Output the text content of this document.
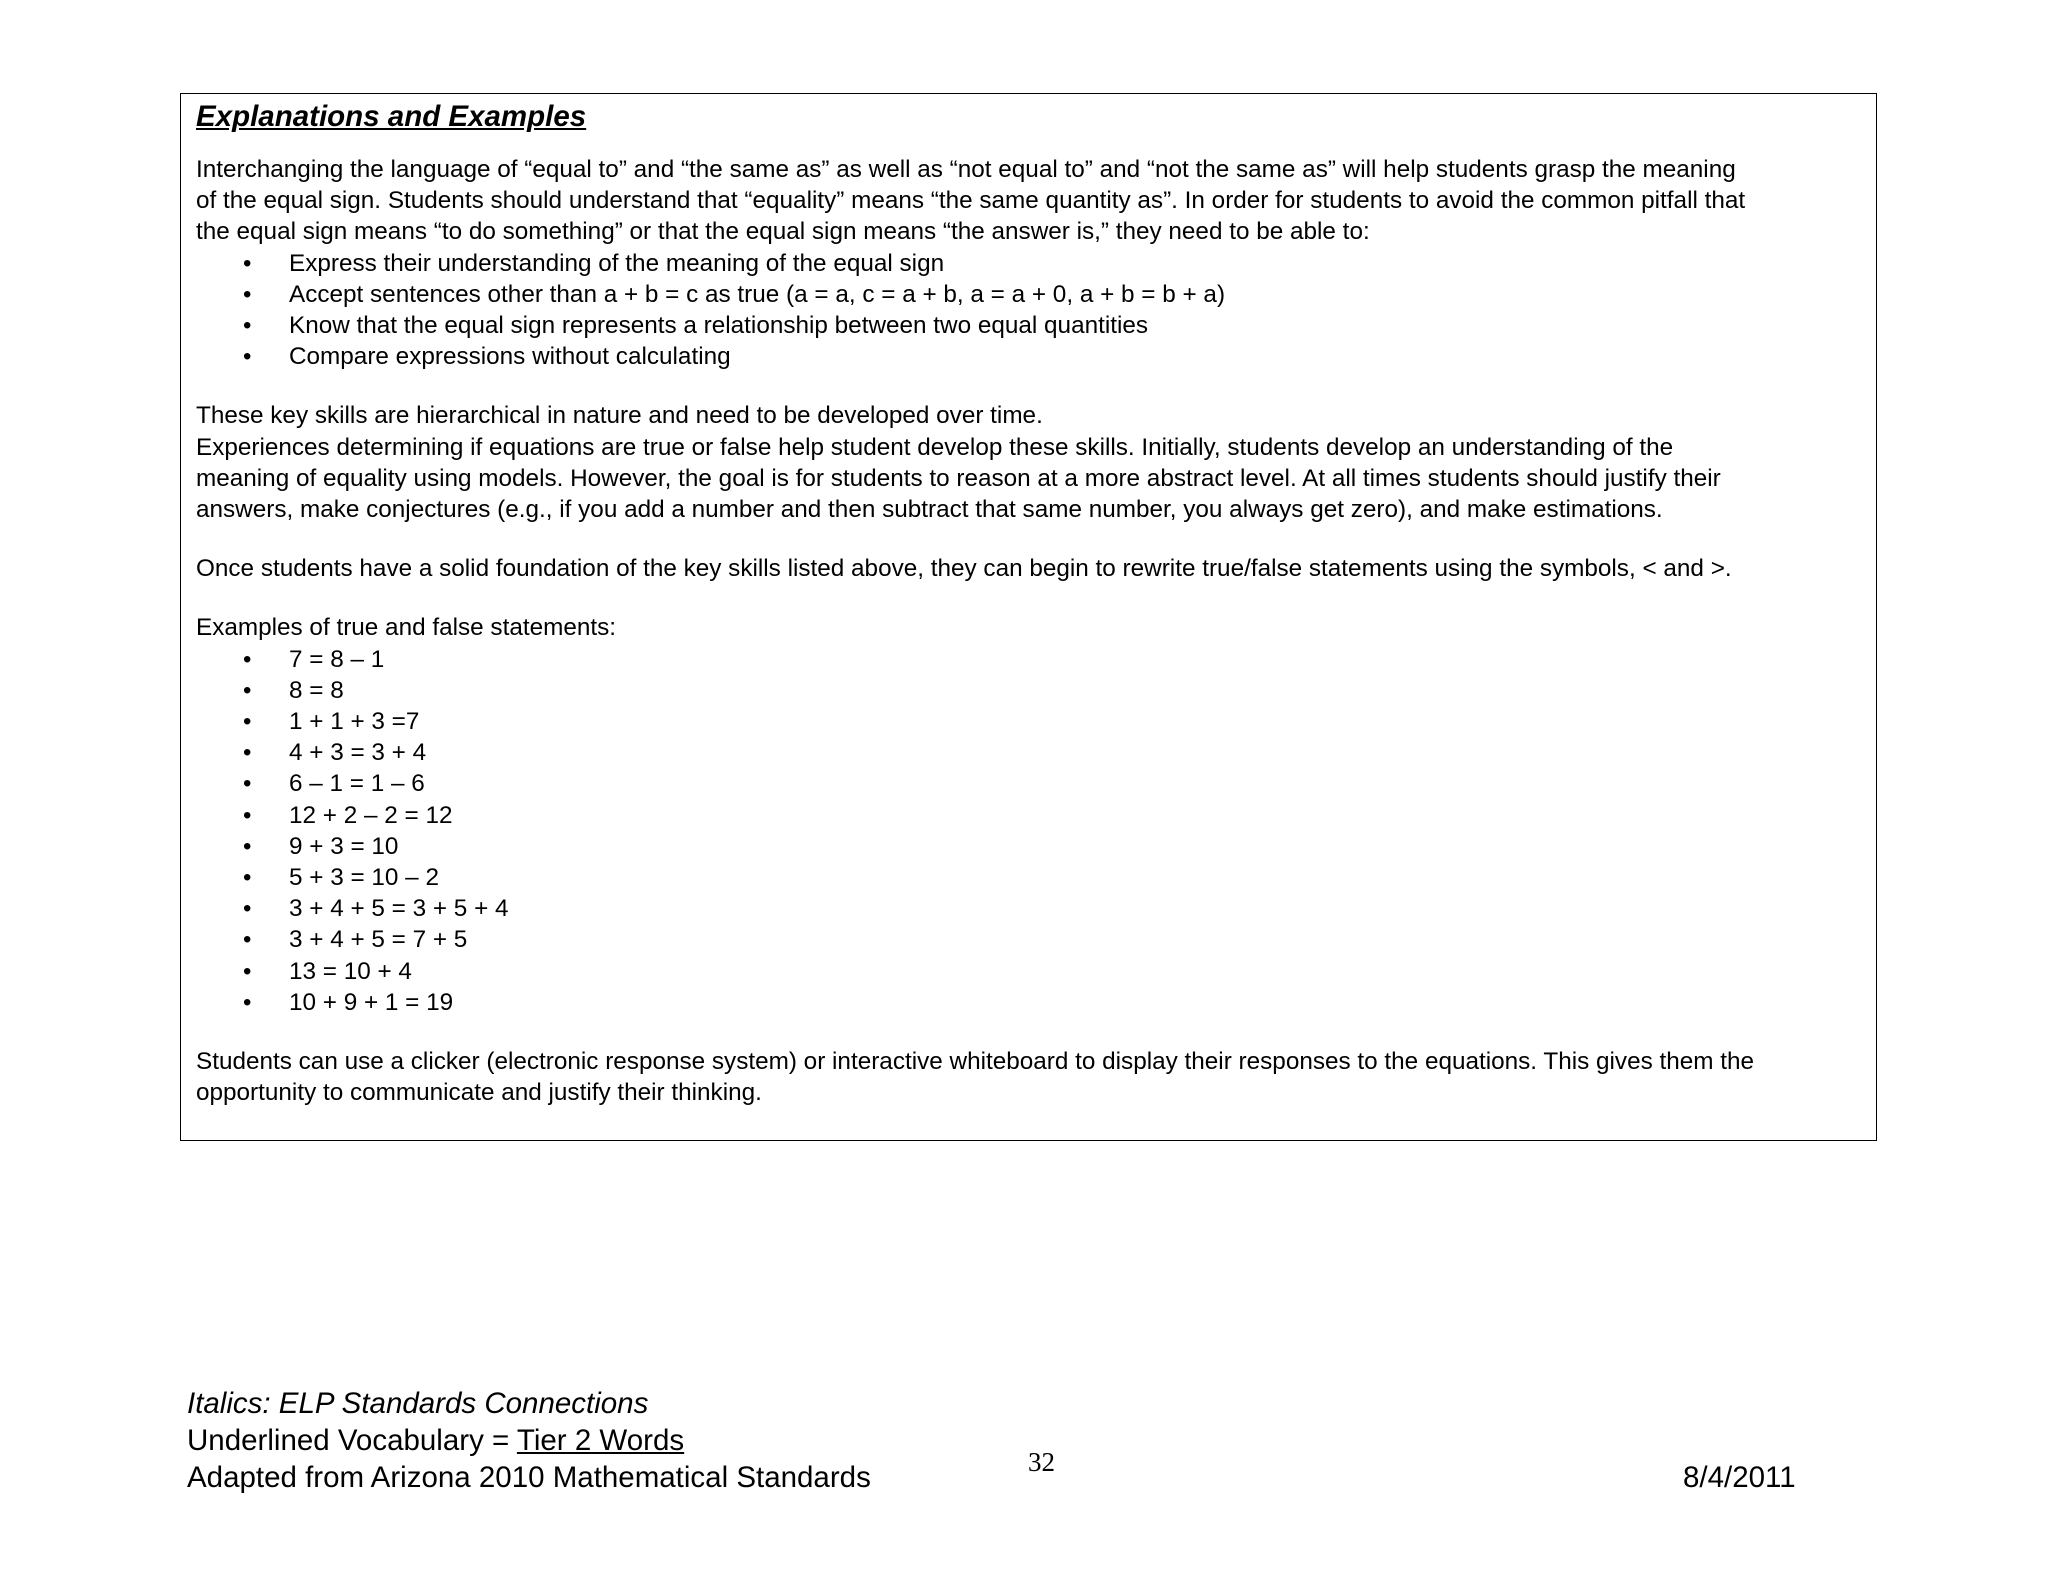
Explanations and Examples

Interchanging the language of “equal to” and “the same as” as well as “not equal to” and “not the same as” will help students grasp the meaning

of the equal sign. Students should understand that “equality” means “the same quantity as”. In order for students to avoid the common pitfall that

the equal sign means “to do something” or that the equal sign means “the answer is,” they need to be able to:

• Express their understanding of the meaning of the equal sign
• Accept sentences other than a + b = c as true (a = a, c = a + b, a = a + 0, a + b = b + a)
• Know that the equal sign represents a relationship between two equal quantities
• Compare expressions without calculating

These key skills are hierarchical in nature and need to be developed over time.

Experiences determining if equations are true or false help student develop these skills. Initially, students develop an understanding of the

meaning of equality using models. However, the goal is for students to reason at a more abstract level. At all times students should justify their

answers, make conjectures (e.g., if you add a number and then subtract that same number, you always get zero), and make estimations.

Once students have a solid foundation of the key skills listed above, they can begin to rewrite true/false statements using the symbols, < and >.

Examples of true and false statements:

• 7 = 8 – 1
• 8 = 8
• 1 + 1 + 3 =7
• 4 + 3 = 3 + 4
• 6 – 1 = 1 – 6
• 12 + 2 – 2 = 12
• 9 + 3 = 10
• 5 + 3 = 10 – 2
• 3 + 4 + 5 = 3 + 5 + 4
• 3 + 4 + 5 = 7 + 5
• 13 = 10 + 4
• 10 + 9 + 1 = 19

Students can use a clicker (electronic response system) or interactive whiteboard to display their responses to the equations. This gives them the

opportunity to communicate and justify their thinking.

Italics: ELP Standards Connections
Underlined Vocabulary = Tier 2 Words
Adapted from Arizona 2010 Mathematical Standards	32	8/4/2011
